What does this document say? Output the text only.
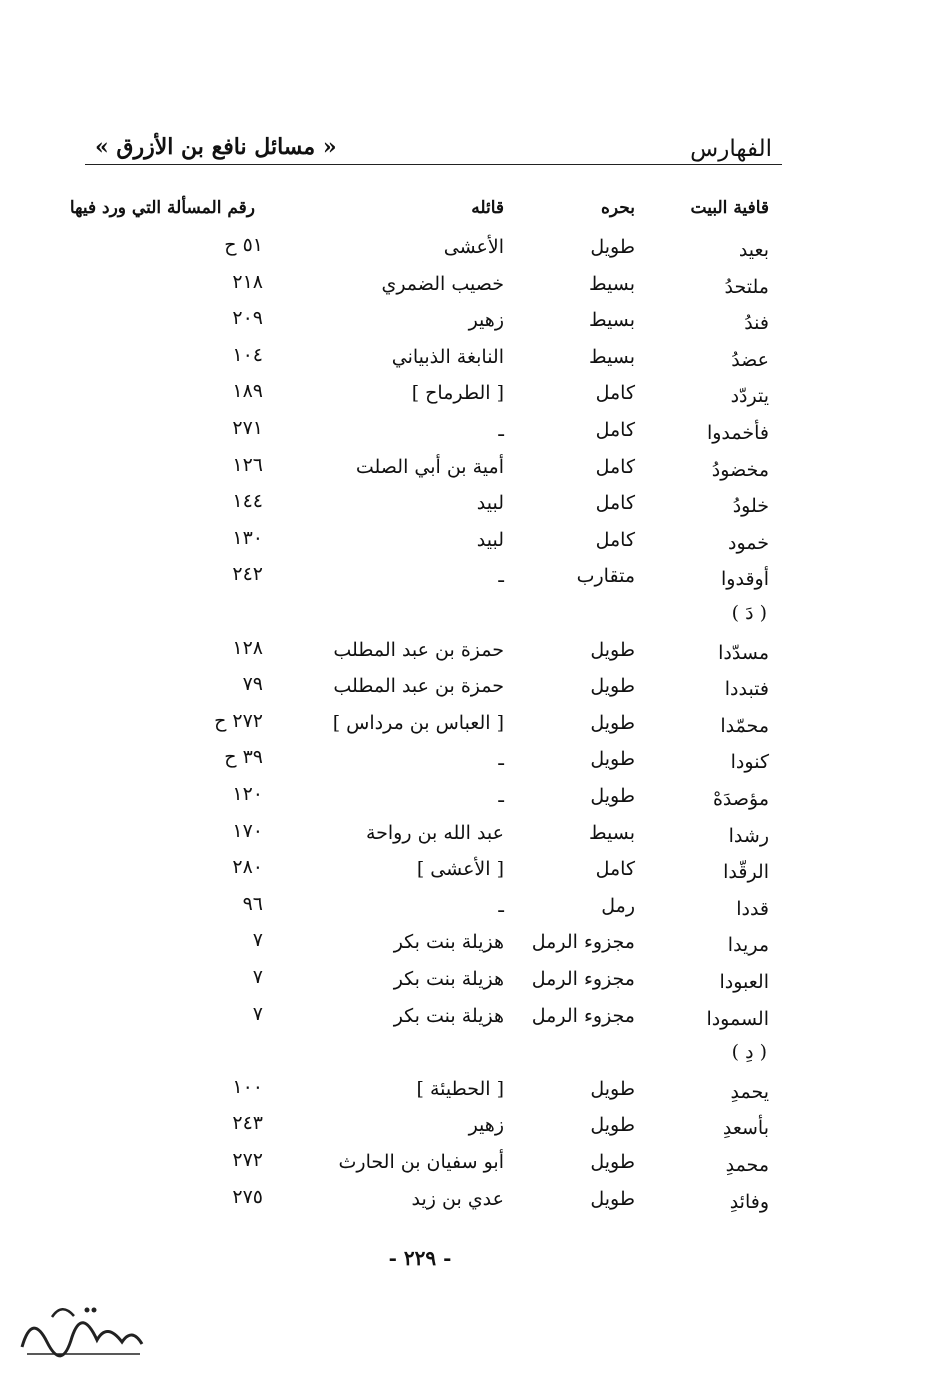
« مسائل نافع بن الأزرق »	الفهارس
قافية البيت
بحره
قائله
رقم المسألة التي ورد فيها
بعيد
طويل
الأعشى
٥١ ح
ملتحدُ
بسيط
خصيب الضمري
٢١٨
فندُ
بسيط
زهير
٢٠٩
عضدُ
بسيط
النابغة الذبياني
١٠٤
يتردّد
كامل
[ الطرماح ]
١٨٩
فأخمدوا
كامل
ـ
٢٧١
مخضودُ
كامل
أمية بن أبي الصلت
١٢٦
خلودُ
كامل
لبيد
١٤٤
خمود
كامل
لبيد
١٣٠
أوقدوا
متقارب
ـ
٢٤٢
( دَ )
مسدّدا
طويل
حمزة بن عبد المطلب
١٢٨
فتبددا
طويل
حمزة بن عبد المطلب
٧٩
محمّدا
طويل
[ العباس بن مرداس ]
٢٧٢ ح
كنودا
طويل
ـ
٣٩ ح
مؤصدَهْ
طويل
ـ
١٢٠
رشدا
بسيط
عبد الله بن رواحة
١٧٠
الرقّدا
كامل
[ الأعشى ]
٢٨٠
قددا
رمل
ـ
٩٦
مريدا
مجزوء الرمل
هزيلة بنت بكر
٧
العبودا
مجزوء الرمل
هزيلة بنت بكر
٧
السمودا
مجزوء الرمل
هزيلة بنت بكر
٧
( دِ )
يحمدِ
طويل
[ الحطيئة ]
١٠٠
بأسعدِ
طويل
زهير
٢٤٣
محمدِ
طويل
أبو سفيان بن الحارث
٢٧٢
وفائدِ
طويل
عدي بن زيد
٢٧٥
- ٢٢٩ -
